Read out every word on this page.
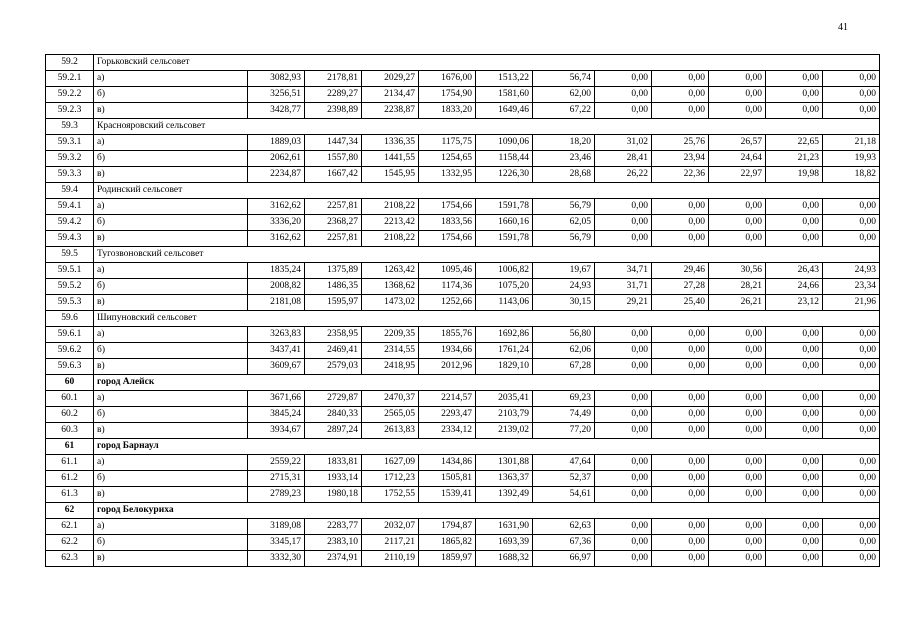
41
59.2	Горьковский сельсовет											
59.2.1	а)	3082,93	2178,81	2029,27	1676,00	1513,22	56,74	0,00	0,00	0,00	0,00	0,00
59.2.2	б)	3256,51	2289,27	2134,47	1754,90	1581,60	62,00	0,00	0,00	0,00	0,00	0,00
59.2.3	в)	3428,77	2398,89	2238,87	1833,20	1649,46	67,22	0,00	0,00	0,00	0,00	0,00
59.3	Краснояровский сельсовет											
59.3.1	а)	1889,03	1447,34	1336,35	1175,75	1090,06	18,20	31,02	25,76	26,57	22,65	21,18
59.3.2	б)	2062,61	1557,80	1441,55	1254,65	1158,44	23,46	28,41	23,94	24,64	21,23	19,93
59.3.3	в)	2234,87	1667,42	1545,95	1332,95	1226,30	28,68	26,22	22,36	22,97	19,98	18,82
59.4	Родинский сельсовет											
59.4.1	а)	3162,62	2257,81	2108,22	1754,66	1591,78	56,79	0,00	0,00	0,00	0,00	0,00
59.4.2	б)	3336,20	2368,27	2213,42	1833,56	1660,16	62,05	0,00	0,00	0,00	0,00	0,00
59.4.3	в)	3162,62	2257,81	2108,22	1754,66	1591,78	56,79	0,00	0,00	0,00	0,00	0,00
59.5	Тугозвоновский сельсовет											
59.5.1	а)	1835,24	1375,89	1263,42	1095,46	1006,82	19,67	34,71	29,46	30,56	26,43	24,93
59.5.2	б)	2008,82	1486,35	1368,62	1174,36	1075,20	24,93	31,71	27,28	28,21	24,66	23,34
59.5.3	в)	2181,08	1595,97	1473,02	1252,66	1143,06	30,15	29,21	25,40	26,21	23,12	21,96
59.6	Шипуновский сельсовет											
59.6.1	а)	3263,83	2358,95	2209,35	1855,76	1692,86	56,80	0,00	0,00	0,00	0,00	0,00
59.6.2	б)	3437,41	2469,41	2314,55	1934,66	1761,24	62,06	0,00	0,00	0,00	0,00	0,00
59.6.3	в)	3609,67	2579,03	2418,95	2012,96	1829,10	67,28	0,00	0,00	0,00	0,00	0,00
60	город Алейск											
60.1	а)	3671,66	2729,87	2470,37	2214,57	2035,41	69,23	0,00	0,00	0,00	0,00	0,00
60.2	б)	3845,24	2840,33	2565,05	2293,47	2103,79	74,49	0,00	0,00	0,00	0,00	0,00
60.3	в)	3934,67	2897,24	2613,83	2334,12	2139,02	77,20	0,00	0,00	0,00	0,00	0,00
61	город Барнаул											
61.1	а)	2559,22	1833,81	1627,09	1434,86	1301,88	47,64	0,00	0,00	0,00	0,00	0,00
61.2	б)	2715,31	1933,14	1712,23	1505,81	1363,37	52,37	0,00	0,00	0,00	0,00	0,00
61.3	в)	2789,23	1980,18	1752,55	1539,41	1392,49	54,61	0,00	0,00	0,00	0,00	0,00
62	город Белокуриха											
62.1	а)	3189,08	2283,77	2032,07	1794,87	1631,90	62,63	0,00	0,00	0,00	0,00	0,00
62.2	б)	3345,17	2383,10	2117,21	1865,82	1693,39	67,36	0,00	0,00	0,00	0,00	0,00
62.3	в)	3332,30	2374,91	2110,19	1859,97	1688,32	66,97	0,00	0,00	0,00	0,00	0,00
